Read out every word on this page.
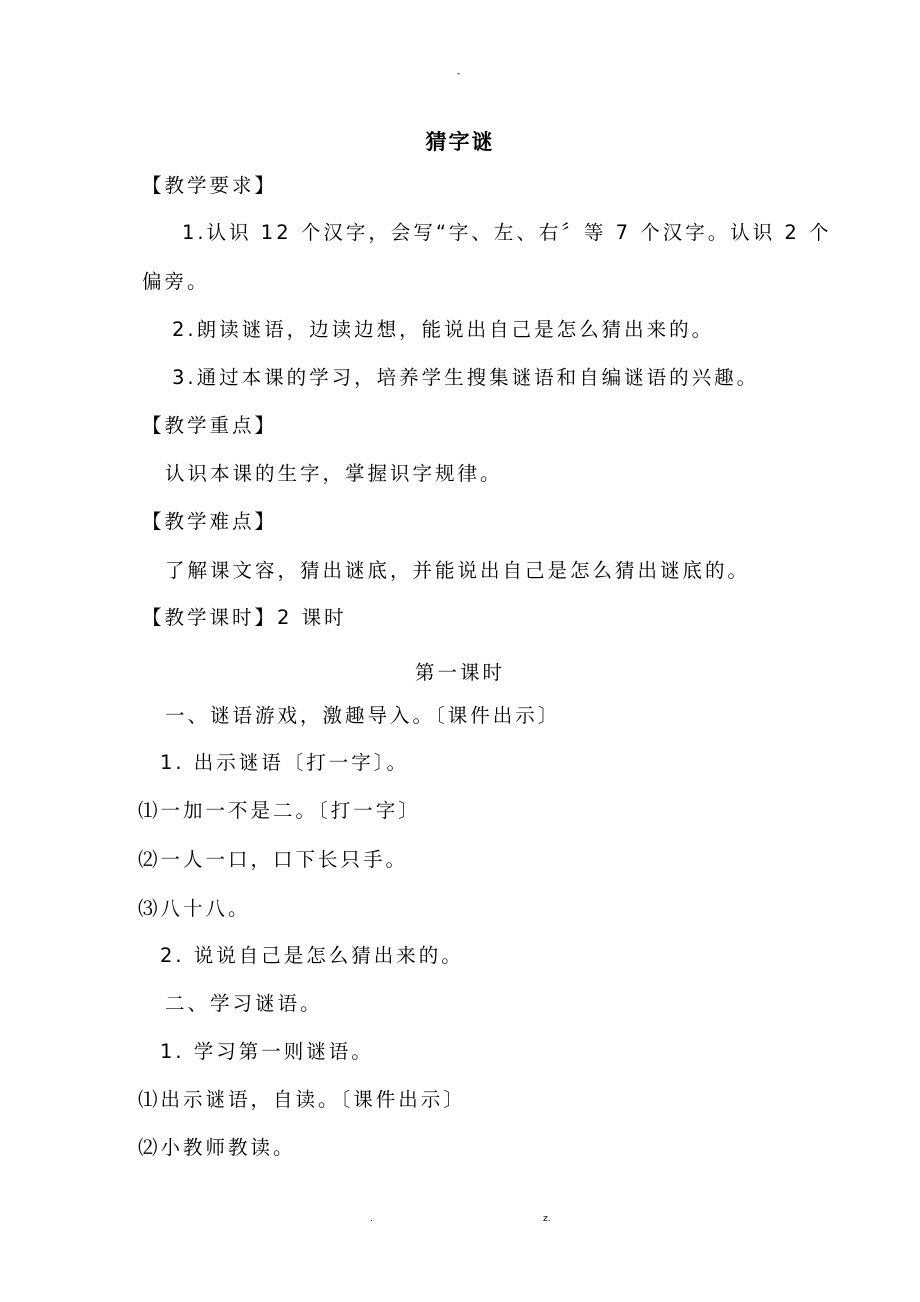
-
猜字谜
【教学要求】
1.认识 12 个汉字，会写“字、左、右〞等 7 个汉字。认识 2 个
偏旁。
2.朗读谜语，边读边想，能说出自己是怎么猜出来的。
3.通过本课的学习，培养学生搜集谜语和自编谜语的兴趣。
【教学重点】
认识本课的生字，掌握识字规律。
【教学难点】
了解课文容，猜出谜底，并能说出自己是怎么猜出谜底的。
【教学课时】2 课时
第一课时
一、谜语游戏，激趣导入。〔课件出示〕
1. 出示谜语〔打一字〕。
⑴一加一不是二。〔打一字〕
⑵一人一口，口下长只手。
⑶八十八。
2. 说说自己是怎么猜出来的。
二、学习谜语。
1. 学习第一则谜语。
⑴出示谜语，自读。〔课件出示〕
⑵小教师教读。
.	z.
